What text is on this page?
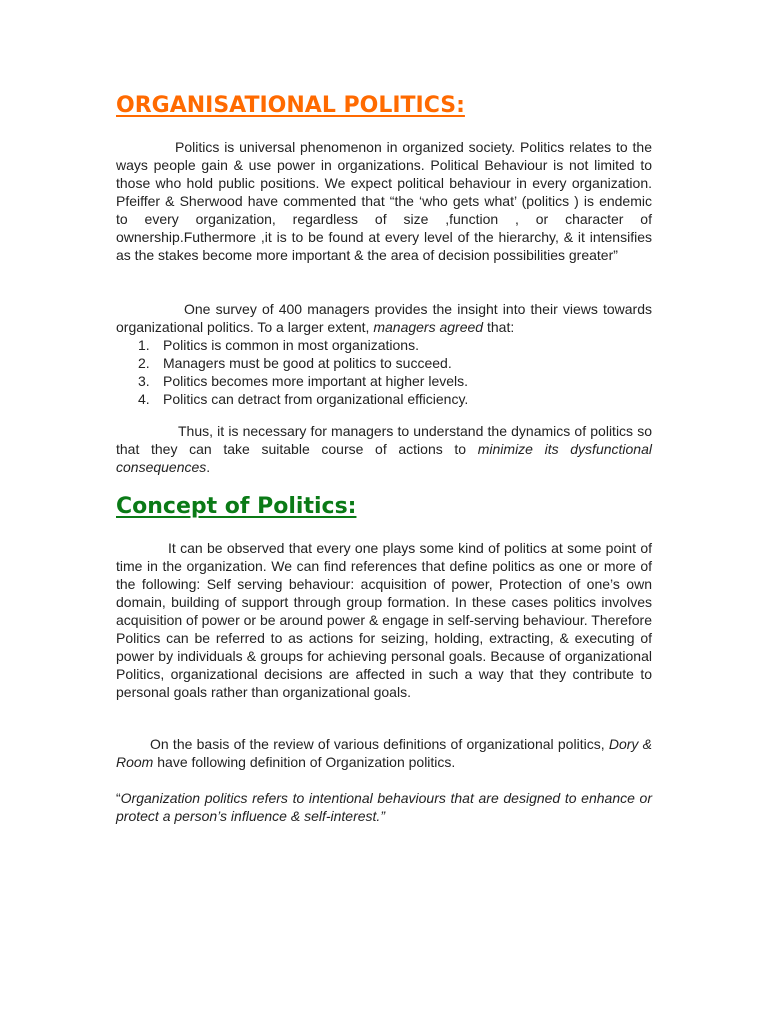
ORGANISATIONAL POLITICS:

Politics is universal phenomenon in organized society. Politics relates to the ways people gain & use power in organizations. Political Behaviour is not limited to those who hold public positions. We expect political behaviour in every organization. Pfeiffer & Sherwood have commented that “the ‘who gets what’ (politics ) is endemic to every organization, regardless of size ,function , or character of ownership.Futhermore ,it is to be found at every level of the hierarchy, & it intensifies as the stakes become more important & the area of decision possibilities greater”

One survey of 400 managers provides the insight into their views towards organizational politics. To a larger extent, managers agreed that:

1. Politics is common in most organizations.
2. Managers must be good at politics to succeed.
3. Politics becomes more important at higher levels.
4. Politics can detract from organizational efficiency.

Thus, it is necessary for managers to understand the dynamics of politics so that they can take suitable course of actions to minimize its dysfunctional consequences.

Concept of Politics:

It can be observed that every one plays some kind of politics at some point of time in the organization. We can find references that define politics as one or more of the following: Self serving behaviour: acquisition of power, Protection of one’s own domain, building of support through group formation. In these cases politics involves acquisition of power or be around power & engage in self-serving behaviour. Therefore Politics can be referred to as actions for seizing, holding, extracting, & executing of power by individuals & groups for achieving personal goals. Because of organizational Politics, organizational decisions are affected in such a way that they contribute to personal goals rather than organizational goals.

On the basis of the review of various definitions of organizational politics, Dory & Room have following definition of Organization politics.

“Organization politics refers to intentional behaviours that are designed to enhance or protect a person’s influence & self-interest.”
